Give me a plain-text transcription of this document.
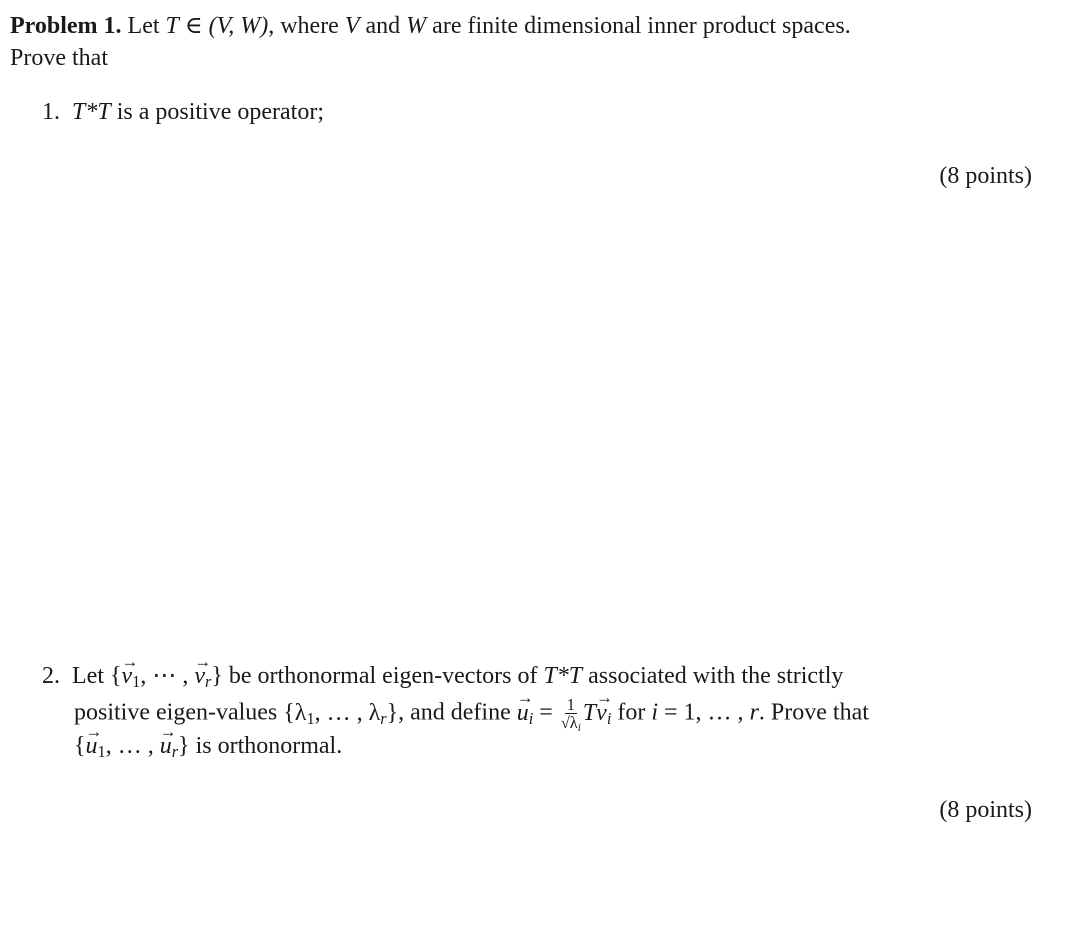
Problem 1. Let T ∈ (V, W), where V and W are finite dimensional inner product spaces.
Prove that
1. T*T is a positive operator;
(8 points)
2. Let {→ $v_1$, ⋯ , → $v_r$} be orthonormal eigen-vectors of T*T associated with the strictly
positive eigen-values {$\lambda_1$, … , $\lambda_r$}, and define → $u_i = \frac{1}{√\lambda_i} T\to v_i$ for i = 1, … , r. Prove that
{→ $u_1$, … , → $u_r$} is orthonormal.
(8 points)
